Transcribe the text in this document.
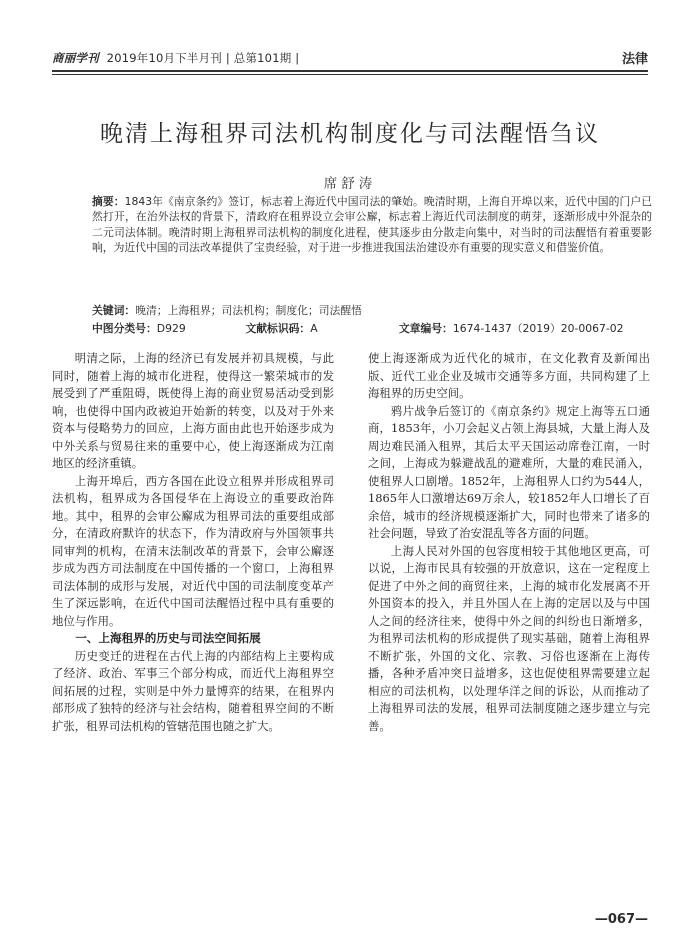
商丽学刊 2019年10月下半月刊 | 总第101期 |	法律
晚清上海租界司法机构制度化与司法醒悟刍议
席舒涛
摘要：1843年《南京条约》签订，标志着上海近代中国司法的肇始。晚清时期，上海自开埠以来，近代中国的门户已然打开，在治外法权的背景下，清政府在租界设立会审公廨，标志着上海近代司法制度的萌芽，逐渐形成中外混杂的二元司法体制。晚清时期上海租界司法机构的制度化进程，使其逐步由分散走向集中，对当时的司法醒悟有着重要影响，为近代中国的司法改革提供了宝贵经验，对于进一步推进我国法治建设亦有重要的现实意义和借鉴价值。
关键词：晚清；上海租界；司法机构；制度化；司法醒悟
中图分类号：D929	文献标识码：A	文章编号：1674-1437（2019）20-0067-02

明清之际，上海的经济已有发展并初具规模，与此同时，随着上海的城市化进程，使得这一繁荣城市的发展受到了严重阻碍，既使得上海的商业贸易活动受到影响，也使得中国内政被迫开始新的转变，以及对于外来资本与侵略势力的回应，上海方面由此也开始逐步成为中外关系与贸易往来的重要中心，使上海逐渐成为江南地区的经济重镇。

上海开埠后，西方各国在此设立租界并形成租界司法机构，租界成为各国侵华在上海设立的重要政治阵地。其中，租界的会审公廨成为租界司法的重要组成部分，在清政府默许的状态下，作为清政府与外国领事共同审判的机构，在清末法制改革的背景下，会审公廨逐步成为西方司法制度在中国传播的一个窗口，上海租界司法体制的成形与发展，对近代中国的司法制度变革产生了深远影响，在近代中国司法醒悟过程中具有重要的地位与作用。

一、上海租界的历史与司法空间拓展

历史变迁的进程在古代上海的内部结构上主要构成了经济、政治、军事三个部分构成，而近代上海租界空间拓展的过程，实则是中外力量博弈的结果，在租界内部形成了独特的经济与社会结构，随着租界空间的不断扩张，租界司法机构的管辖范围也随之扩大。

使上海逐渐成为近代化的城市，在文化教育及新闻出版、近代工业企业及城市交通等多方面，共同构建了上海租界的历史空间。

鸦片战争后签订的《南京条约》规定上海等五口通商，1853年，小刀会起义占领上海县城，大量上海人及周边难民涌入租界，其后太平天国运动席卷江南，一时之间，上海成为躲避战乱的避难所，大量的难民涌入，使租界人口剧增。1852年，上海租界人口约为544人，1865年人口激增达69万余人，较1852年人口增长了百余倍，城市的经济规模逐渐扩大，同时也带来了诸多的社会问题，导致了治安混乱等各方面的问题。

上海人民对外国的包容度相较于其他地区更高，可以说，上海市民具有较强的开放意识，这在一定程度上促进了中外之间的商贸往来，上海的城市化发展离不开外国资本的投入，并且外国人在上海的定居以及与中国人之间的经济往来，使得中外之间的纠纷也日渐增多，为租界司法机构的形成提供了现实基础，随着上海租界不断扩张，外国的文化、宗教、习俗也逐渐在上海传播，各种矛盾冲突日益增多，这也促使租界需要建立起相应的司法机构，以处理华洋之间的诉讼，从而推动了上海租界司法的发展，租界司法制度随之逐步建立与完善。

—067—
